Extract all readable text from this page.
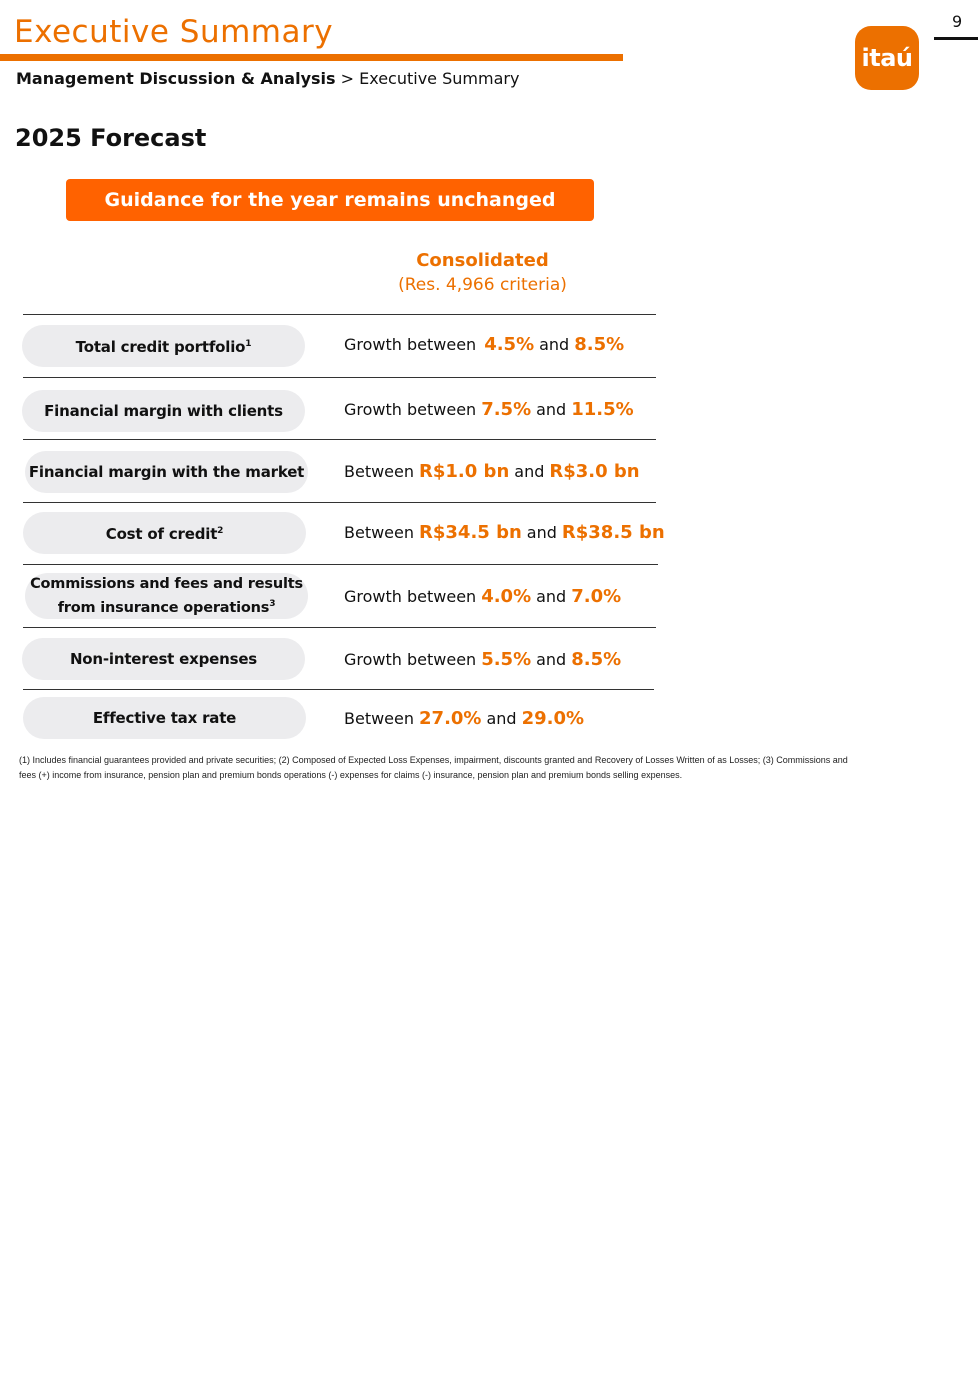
Executive Summary
Management Discussion & Analysis > Executive Summary
itaú
9
2025 Forecast
Guidance for the year remains unchanged
Consolidated
(Res. 4,966 criteria)
Total credit portfolio$^1$	Growth between 4.5% and 8.5%
Financial margin with clients	Growth between 7.5% and 11.5%
Financial margin with the market Between R$1.0 bn and R$3.0 bn
Cost of credit$^2$	Between R$34.5 bn and R$38.5 bn
Commissions and fees and results
from insurance operations$^3$	Growth between 4.0% and 7.0%
Non-interest expenses	Growth between 5.5% and 8.5%
Effective tax rate	Between 27.0% and 29.0%
(1) Includes financial guarantees provided and private securities; (2) Composed of Expected Loss Expenses, impairment, discounts granted and Recovery of Losses Written of as Losses; (3) Commissions and fees (+) income from insurance, pension plan and premium bonds operations (-) expenses for claims (-) insurance, pension plan and premium bonds selling expenses.
